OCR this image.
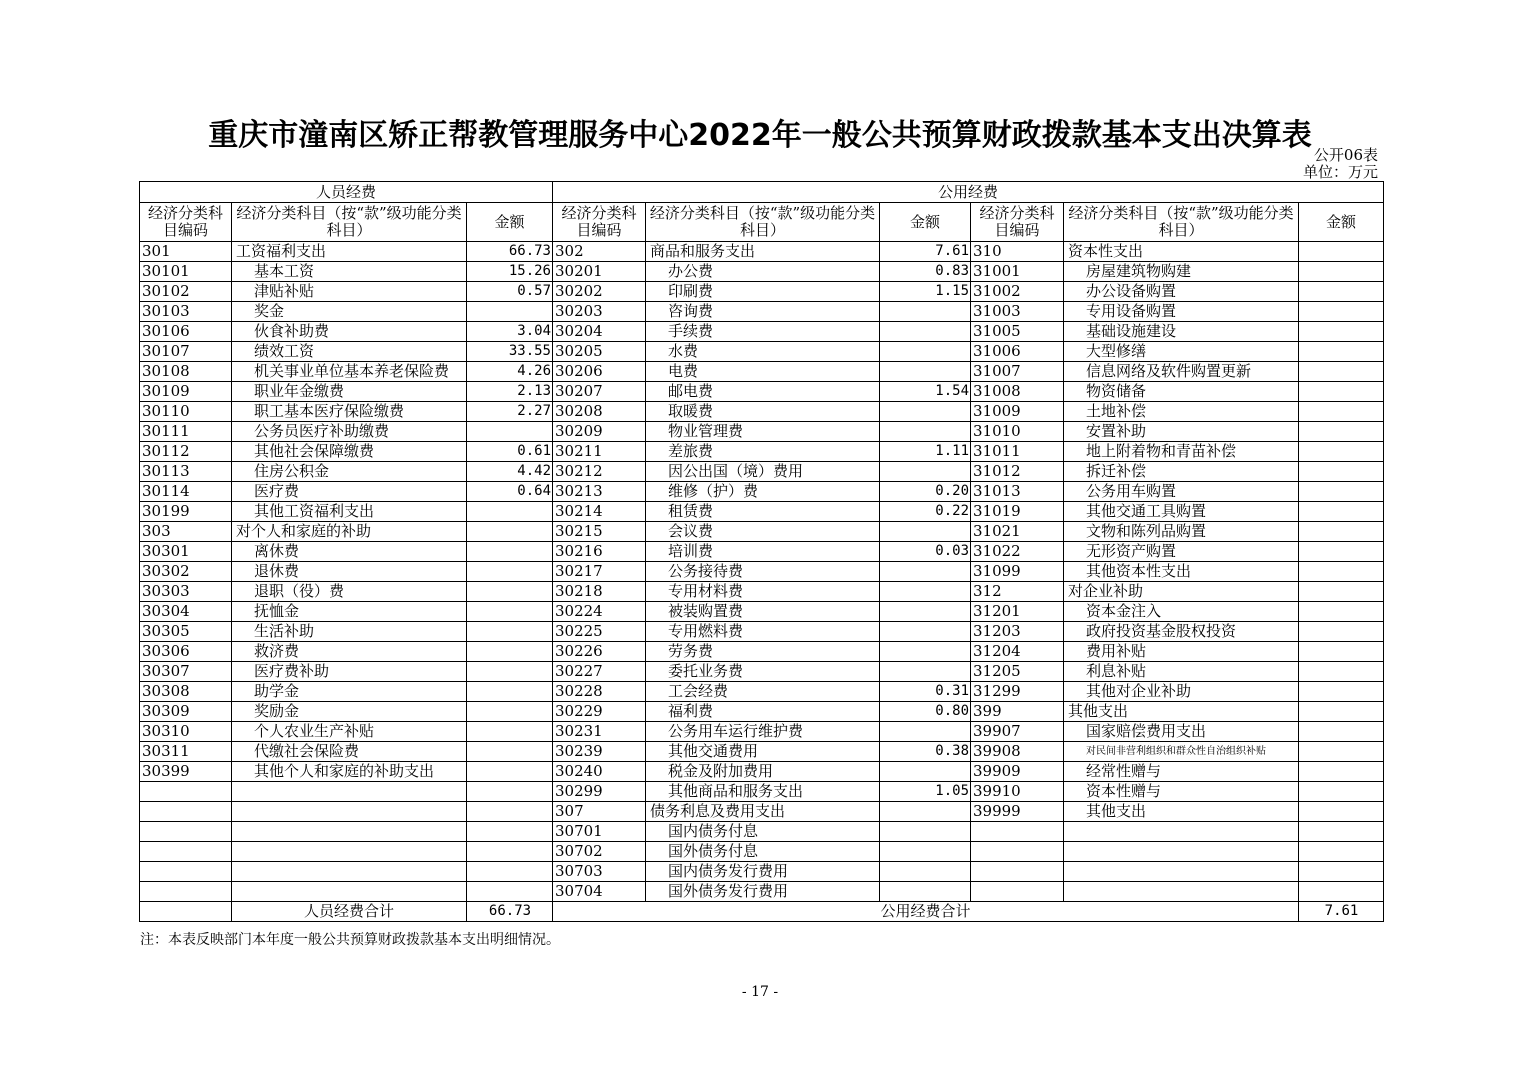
重庆市潼南区矫正帮教管理服务中心2022年一般公共预算财政拨款基本支出决算表
公开06表
单位：万元
人员经费			公用经费					
经济分类科目编码	经济分类科目（按“款”级功能分类科目）	金额	经济分类科目编码	经济分类科目（按“款”级功能分类科目）	金额	经济分类科目编码	经济分类科目（按“款”级功能分类科目）	金额
301	工资福利支出	66.73	302	商品和服务支出	7.61	310	资本性支出	
30101	基本工资	15.26	30201	办公费	0.83	31001	房屋建筑物购建	
30102	津贴补贴	0.57	30202	印刷费	1.15	31002	办公设备购置	
30103	奖金		30203	咨询费		31003	专用设备购置	
30106	伙食补助费	3.04	30204	手续费		31005	基础设施建设	
30107	绩效工资	33.55	30205	水费		31006	大型修缮	
30108	机关事业单位基本养老保险费	4.26	30206	电费		31007	信息网络及软件购置更新	
30109	职业年金缴费	2.13	30207	邮电费	1.54	31008	物资储备	
30110	职工基本医疗保险缴费	2.27	30208	取暖费		31009	土地补偿	
30111	公务员医疗补助缴费		30209	物业管理费		31010	安置补助	
30112	其他社会保障缴费	0.61	30211	差旅费	1.11	31011	地上附着物和青苗补偿	
30113	住房公积金	4.42	30212	因公出国（境）费用		31012	拆迁补偿	
30114	医疗费	0.64	30213	维修（护）费	0.20	31013	公务用车购置	
30199	其他工资福利支出		30214	租赁费	0.22	31019	其他交通工具购置	
303	对个人和家庭的补助		30215	会议费		31021	文物和陈列品购置	
30301	离休费		30216	培训费	0.03	31022	无形资产购置	
30302	退休费		30217	公务接待费		31099	其他资本性支出	
30303	退职（役）费		30218	专用材料费		312	对企业补助	
30304	抚恤金		30224	被装购置费		31201	资本金注入	
30305	生活补助		30225	专用燃料费		31203	政府投资基金股权投资	
30306	救济费		30226	劳务费		31204	费用补贴	
30307	医疗费补助		30227	委托业务费		31205	利息补贴	
30308	助学金		30228	工会经费	0.31	31299	其他对企业补助	
30309	奖励金		30229	福利费	0.80	399	其他支出	
30310	个人农业生产补贴		30231	公务用车运行维护费		39907	国家赔偿费用支出	
30311	代缴社会保险费		30239	其他交通费用	0.38	39908	对民间非营利组织和群众性自治组织补贴	
30399	其他个人和家庭的补助支出		30240	税金及附加费用		39909	经常性赠与	
			30299	其他商品和服务支出	1.05	39910	资本性赠与	
			307	债务利息及费用支出		39999	其他支出	
			30701	国内债务付息				
			30702	国外债务付息				
			30703	国内债务发行费用				
			30704	国外债务发行费用				
	人员经费合计	66.73	公用经费合计					7.61
注：本表反映部门本年度一般公共预算财政拨款基本支出明细情况。
- 17 -
